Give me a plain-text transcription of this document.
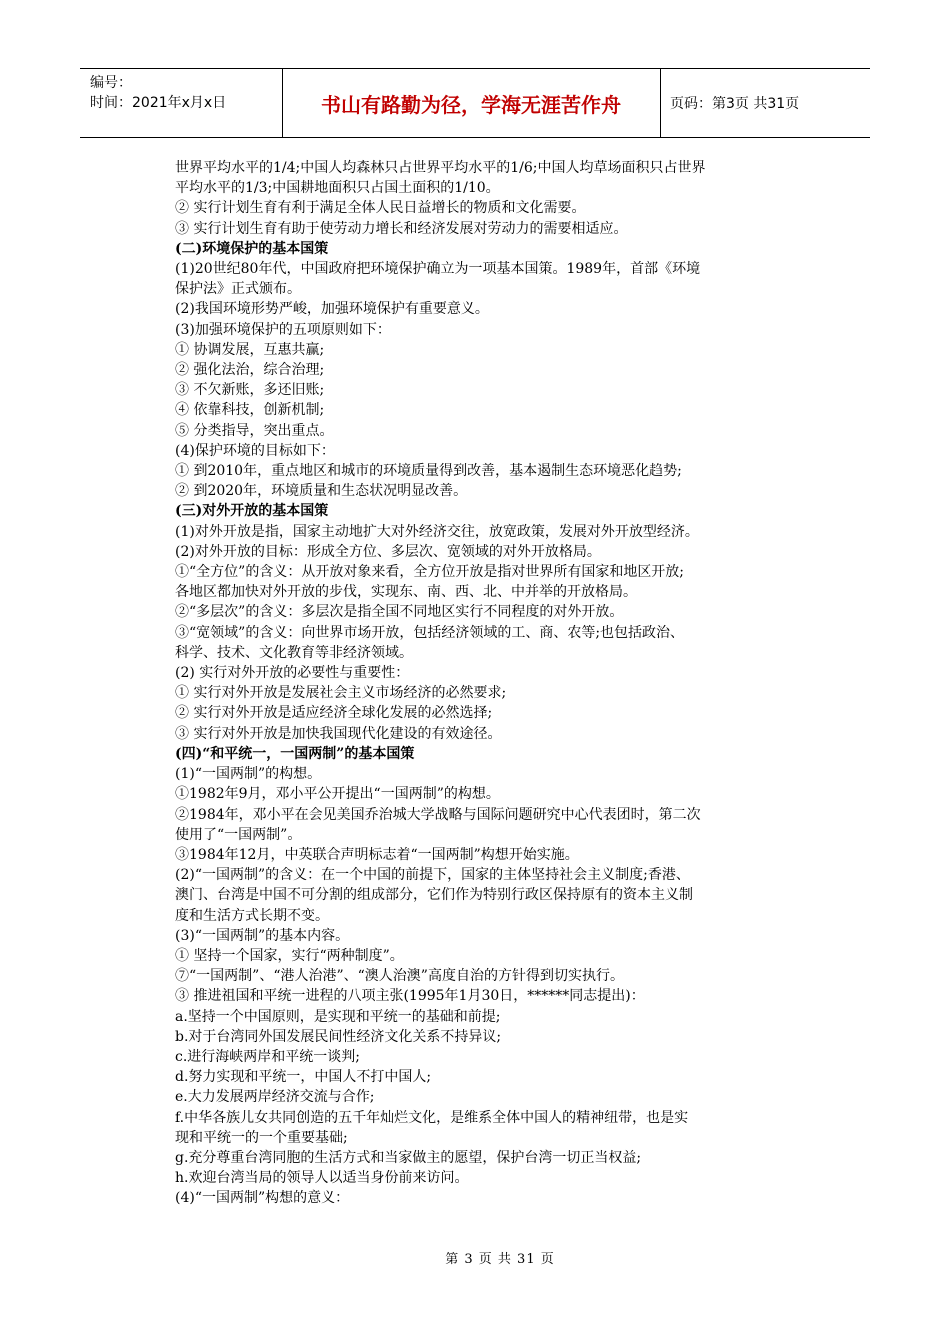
编号：
时间：2021年x月x日	书山有路勤为径，学海无涯苦作舟	页码：第3页 共31页
世界平均水平的1/4;中国人均森林只占世界平均水平的1/6;中国人均草场面积只占世界
平均水平的1/3;中国耕地面积只占国土面积的1/10。
② 实行计划生育有利于满足全体人民日益增长的物质和文化需要。
③ 实行计划生育有助于使劳动力增长和经济发展对劳动力的需要相适应。
(二)环境保护的基本国策
(1)20世纪80年代，中国政府把环境保护确立为一项基本国策。1989年，首部《环境
保护法》正式颁布。
(2)我国环境形势严峻，加强环境保护有重要意义。
(3)加强环境保护的五项原则如下：
① 协调发展，互惠共赢;
② 强化法治，综合治理;
③ 不欠新账，多还旧账;
④ 依靠科技，创新机制;
⑤ 分类指导，突出重点。
(4)保护环境的目标如下：
① 到2010年，重点地区和城市的环境质量得到改善，基本遏制生态环境恶化趋势;
② 到2020年，环境质量和生态状况明显改善。
(三)对外开放的基本国策
(1)对外开放是指，国家主动地扩大对外经济交往，放宽政策，发展对外开放型经济。
(2)对外开放的目标：形成全方位、多层次、宽领域的对外开放格局。
①“全方位”的含义：从开放对象来看，全方位开放是指对世界所有国家和地区开放;
各地区都加快对外开放的步伐，实现东、南、西、北、中并举的开放格局。
②“多层次”的含义：多层次是指全国不同地区实行不同程度的对外开放。
③“宽领域”的含义：向世界市场开放，包括经济领域的工、商、农等;也包括政治、
科学、技术、文化教育等非经济领域。
(2) 实行对外开放的必要性与重要性：
① 实行对外开放是发展社会主义市场经济的必然要求;
② 实行对外开放是适应经济全球化发展的必然选择;
③ 实行对外开放是加快我国现代化建设的有效途径。
(四)“和平统一，一国两制”的基本国策
(1)“一国两制”的构想。
①1982年9月，邓小平公开提出“一国两制”的构想。
②1984年，邓小平在会见美国乔治城大学战略与国际问题研究中心代表团时，第二次
使用了“一国两制”。
③1984年12月，中英联合声明标志着“一国两制”构想开始实施。
(2)“一国两制”的含义：在一个中国的前提下，国家的主体坚持社会主义制度;香港、
澳门、台湾是中国不可分割的组成部分，它们作为特别行政区保持原有的资本主义制
度和生活方式长期不变。
(3)“一国两制”的基本内容。
① 坚持一个国家，实行“两种制度”。
⑦“一国两制”、“港人治港”、“澳人治澳”高度自治的方针得到切实执行。
③ 推进祖国和平统一进程的八项主张(1995年1月30日，******同志提出)：
a.坚持一个中国原则，是实现和平统一的基础和前提;
b.对于台湾同外国发展民间性经济文化关系不持异议;
c.进行海峡两岸和平统一谈判;
d.努力实现和平统一，中国人不打中国人;
e.大力发展两岸经济交流与合作;
f.中华各族儿女共同创造的五千年灿烂文化，是维系全体中国人的精神纽带，也是实
现和平统一的一个重要基础;
g.充分尊重台湾同胞的生活方式和当家做主的愿望，保护台湾一切正当权益;
h.欢迎台湾当局的领导人以适当身份前来访问。
(4)“一国两制”构想的意义：
第 3 页 共 31 页
